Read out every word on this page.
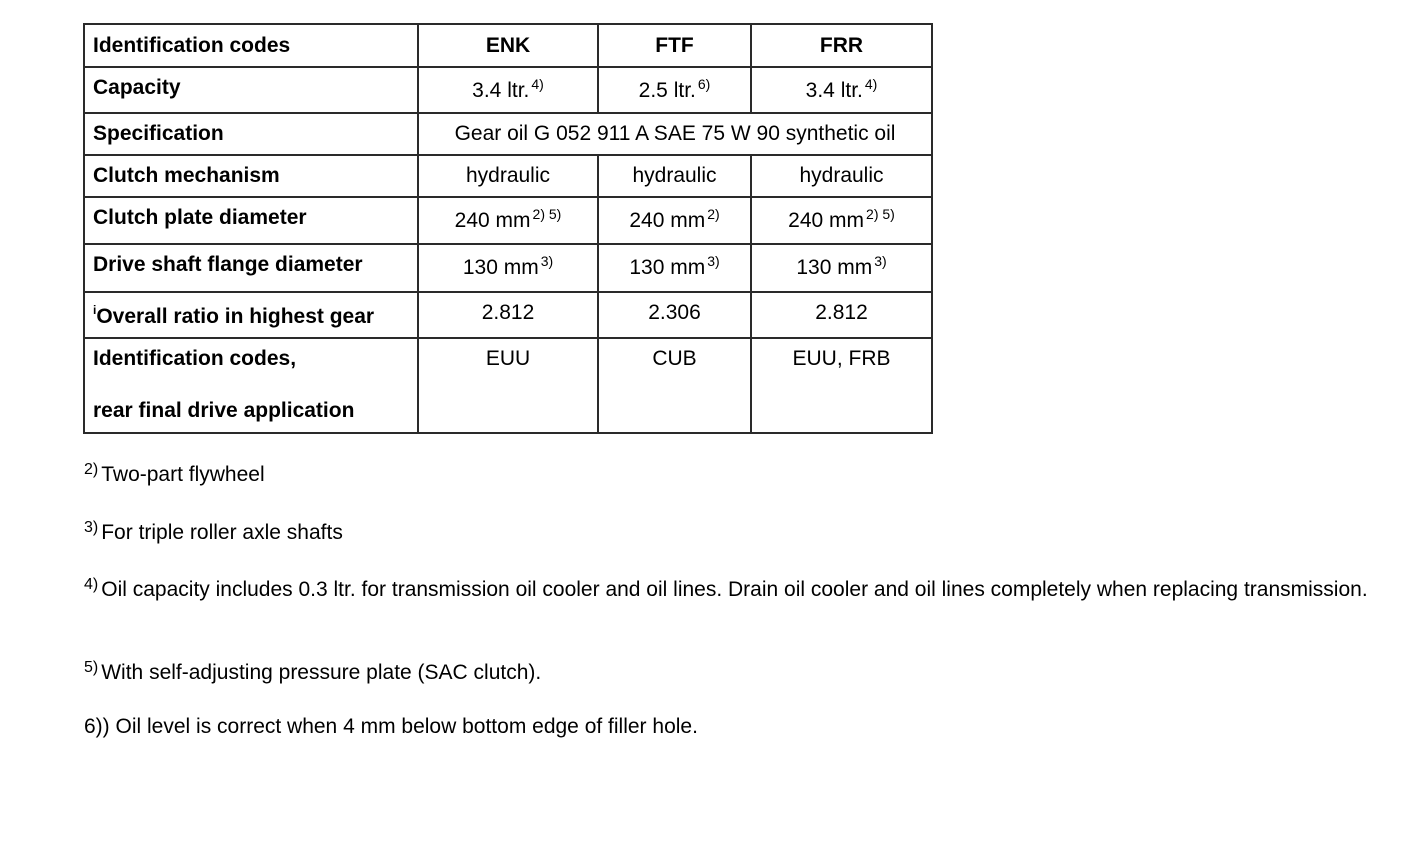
Identification codes	ENK	FTF	FRR
Capacity	3.4 ltr. $^{4)}$	2.5 ltr. $^{6)}$	3.4 ltr. $^{4)}$
Specification	Gear oil G 052 911 A SAE 75 W 90 synthetic oil		
Clutch mechanism	hydraulic	hydraulic	hydraulic
Clutch plate diameter	240 mm $^{2) 5)}$	240 mm $^{2)}$	240 mm $^{2) 5)}$
Drive shaft flange diameter	130 mm $^{3)}$	130 mm $^{3)}$	130 mm $^{3)}$
$^i$Overall ratio in highest gear	2.812	2.306	2.812
Identification codes,
rear final drive application	EUU	CUB	EUU, FRB
$^{2)}$ Two-part flywheel
$^{3)}$ For triple roller axle shafts
$^{4)}$ Oil capacity includes 0.3 ltr. for transmission oil cooler and oil lines. Drain oil cooler and oil lines completely when replacing transmission.
$^{5)}$ With self-adjusting pressure plate (SAC clutch).
6)) Oil level is correct when 4 mm below bottom edge of filler hole.
